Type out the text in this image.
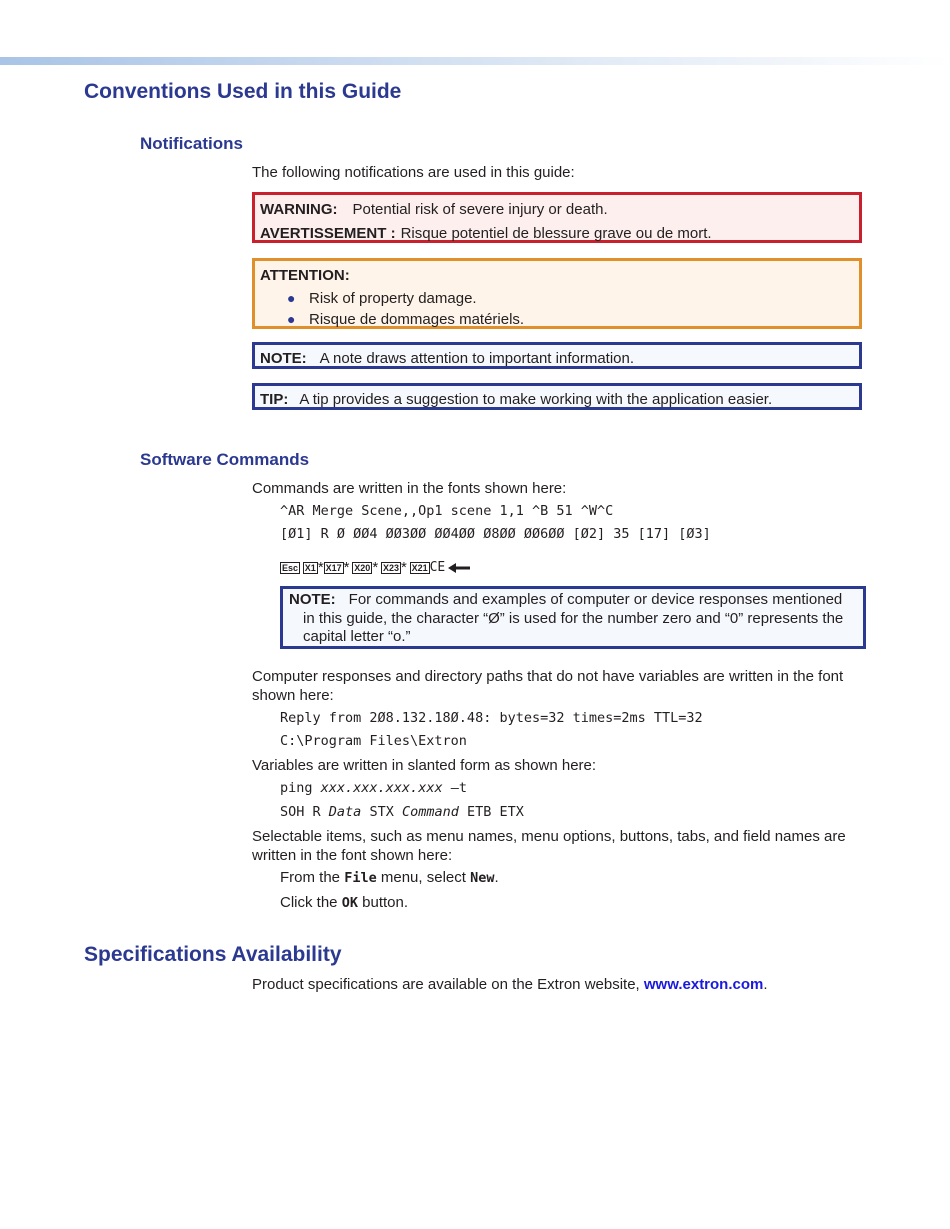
Conventions Used in this Guide
Notifications

The following notifications are used in this guide:

WARNING: Potential risk of severe injury or death.
AVERTISSEMENT : Risque potentiel de blessure grave ou de mort.
ATTENTION:
● Risk of property damage.
● Risque de dommages matériels.
NOTE: A note draws attention to important information.
TIP: A tip provides a suggestion to make working with the application easier.
Software Commands

Commands are written in the fonts shown here:

^AR Merge Scene,,Op1 scene 1,1 ^B 51 ^W^C

[Ø1] R Ø ØØ4 ØØ3ØØ ØØ4ØØ Ø8ØØ ØØ6ØØ [Ø2] 35 [17] [Ø3]

Esc X1 * X17 * X20 * X23 * X21 CE
NOTE: For commands and examples of computer or device responses mentioned in this guide, the character “Ø” is used for the number zero and “0” represents the capital letter “o.”

Computer responses and directory paths that do not have variables are written in the font shown here:

Reply from 2Ø8.132.18Ø.48: bytes=32 times=2ms TTL=32

C:\Program Files\Extron

Variables are written in slanted form as shown here:

ping xxx.xxx.xxx.xxx —t

SOH R Data STX Command ETB ETX

Selectable items, such as menu names, menu options, buttons, tabs, and field names are written in the font shown here:

From the File menu, select New.

Click the OK button.

Specifications Availability

Product specifications are available on the Extron website, www.extron.com.
